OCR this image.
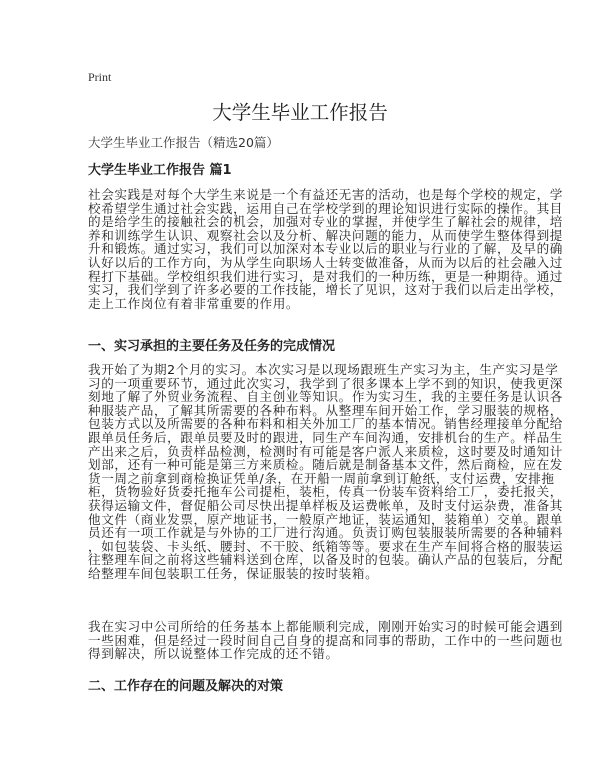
Print
大学生毕业工作报告
大学生毕业工作报告（精选20篇）
大学生毕业工作报告 篇1
社会实践是对每个大学生来说是一个有益还无害的活动，也是每个学校的规定，学
校希望学生通过社会实践，运用自己在学校学到的理论知识进行实际的操作。其目
的是给学生的接触社会的机会，加强对专业的掌握，并使学生了解社会的规律，培
养和训练学生认识、观察社会以及分析、解决问题的能力，从而使学生整体得到提
升和锻炼。通过实习，我们可以加深对本专业以后的职业与行业的了解，及早的确
认好以后的工作方向，为从学生向职场人士转变做准备，从而为以后的社会融入过
程打下基础。学校组织我们进行实习，是对我们的一种历练，更是一种期待。通过
实习，我们学到了许多必要的工作技能，增长了见识，这对于我们以后走出学校，
走上工作岗位有着非常重要的作用。
一、实习承担的主要任务及任务的完成情况
我开始了为期2个月的实习。本次实习是以现场跟班生产实习为主，生产实习是学
习的一项重要环节，通过此次实习，我学到了很多课本上学不到的知识，使我更深
刻地了解了外贸业务流程、自主创业等知识。作为实习生，我的主要任务是认识各
种服装产品，了解其所需要的各种布料。从整理车间开始工作，学习服装的规格，
包装方式以及所需要的各种布料和相关外加工厂的基本情况。销售经理接单分配给
跟单员任务后，跟单员要及时的跟进，同生产车间沟通，安排机台的生产。样品生
产出来之后，负责样品检测，检测时有可能是客户派人来质检，这时要及时通知计
划部，还有一种可能是第三方来质检。随后就是制备基本文件，然后商检，应在发
货一周之前拿到商检换证凭单/条，在开船一周前拿到订舱纸，支付运费，安排拖
柜，货物验好货委托拖车公司提柜，装柜，传真一份装车资料给工厂，委托报关，
获得运输文件，督促船公司尽快出提单样板及运费帐单，及时支付运杂费，准备其
他文件（商业发票，原产地证书，一般原产地证，装运通知，装箱单）交单。跟单
员还有一项工作就是与外协的工厂进行沟通。负责订购包装服装所需要的各种辅料
，如包装袋、卡头纸、腰封、不干胶、纸箱等等。要求在生产车间将合格的服装运
往整理车间之前将这些辅料送到仓库，以备及时的包装。确认产品的包装后，分配
给整理车间包装职工任务，保证服装的按时装箱。
我在实习中公司所给的任务基本上都能顺利完成，刚刚开始实习的时候可能会遇到
一些困难，但是经过一段时间自己自身的提高和同事的帮助，工作中的一些问题也
得到解决，所以说整体工作完成的还不错。
二、工作存在的问题及解决的对策
